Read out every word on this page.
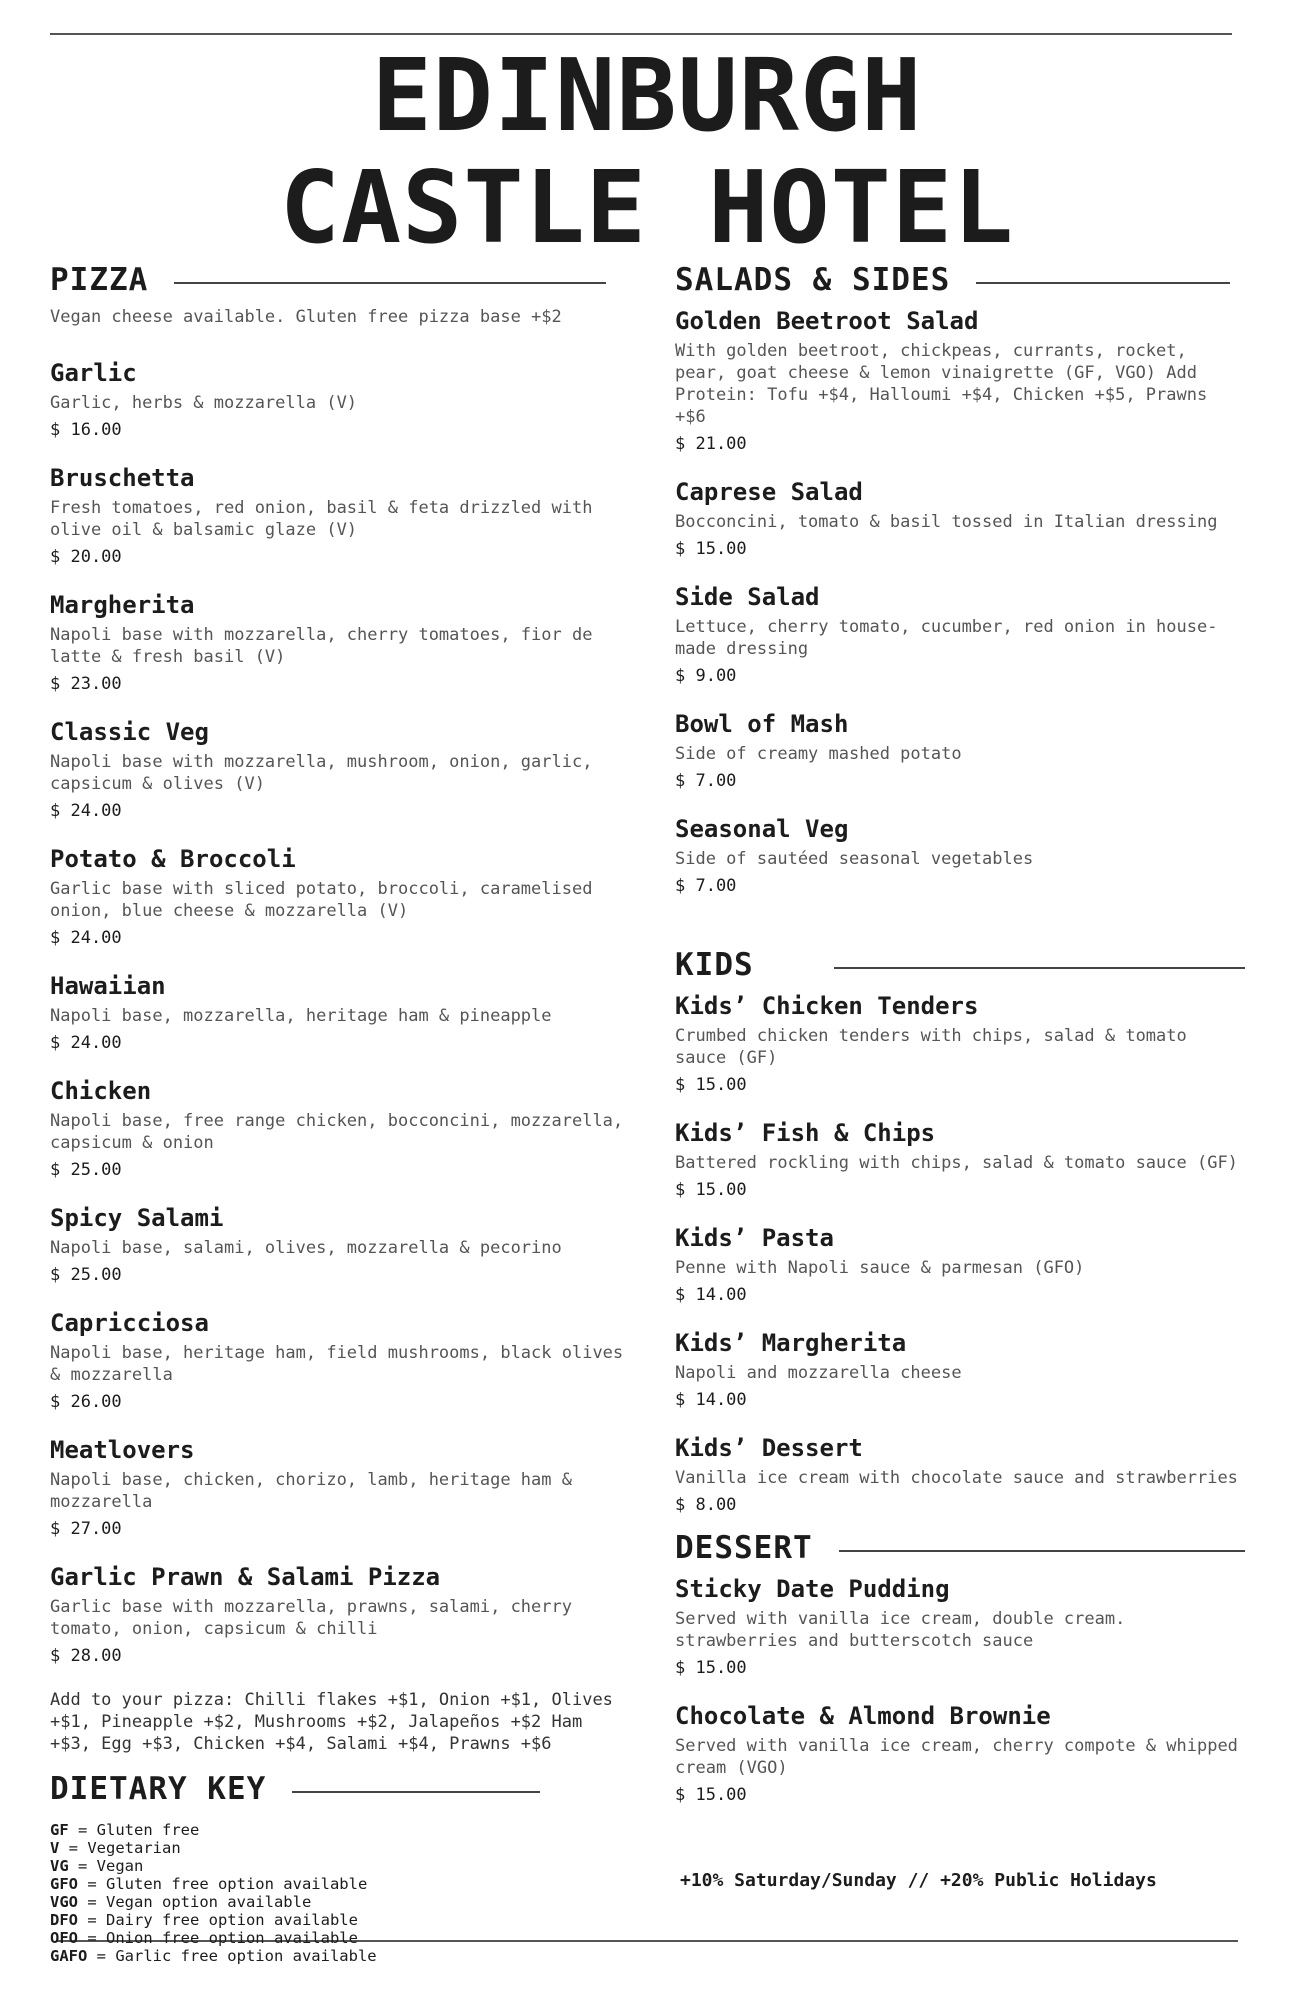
EDINBURGH
CASTLE HOTEL
PIZZA
Vegan cheese available. Gluten free pizza base +$2
Garlic
Garlic, herbs & mozzarella (V)
$ 16.00
Bruschetta
Fresh tomatoes, red onion, basil & feta drizzled with olive oil & balsamic glaze (V)
$ 20.00
Margherita
Napoli base with mozzarella, cherry tomatoes, fior de latte & fresh basil (V)
$ 23.00
Classic Veg
Napoli base with mozzarella, mushroom, onion, garlic, capsicum & olives (V)
$ 24.00
Potato & Broccoli
Garlic base with sliced potato, broccoli, caramelised onion, blue cheese & mozzarella (V)
$ 24.00
Hawaiian
Napoli base, mozzarella, heritage ham & pineapple
$ 24.00
Chicken
Napoli base, free range chicken, bocconcini, mozzarella, capsicum & onion
$ 25.00
Spicy Salami
Napoli base, salami, olives, mozzarella & pecorino
$ 25.00
Capricciosa
Napoli base, heritage ham, field mushrooms, black olives & mozzarella
$ 26.00
Meatlovers
Napoli base, chicken, chorizo, lamb, heritage ham & mozzarella
$ 27.00
Garlic Prawn & Salami Pizza
Garlic base with mozzarella, prawns, salami, cherry tomato, onion, capsicum & chilli
$ 28.00
Add to your pizza: Chilli flakes +$1, Onion +$1, Olives +$1, Pineapple +$2, Mushrooms +$2, Jalapeños +$2 Ham +$3, Egg +$3, Chicken +$4, Salami +$4, Prawns +$6
DIETARY KEY
GF = Gluten free
V = Vegetarian
VG = Vegan
GFO = Gluten free option available
VGO = Vegan option available
DFO = Dairy free option available
OFO = Onion free option available
GAFO = Garlic free option available
SALADS & SIDES
Golden Beetroot Salad
With golden beetroot, chickpeas, currants, rocket, pear, goat cheese & lemon vinaigrette (GF, VGO) Add Protein: Tofu +$4, Halloumi +$4, Chicken +$5, Prawns +$6
$ 21.00
Caprese Salad
Bocconcini, tomato & basil tossed in Italian dressing
$ 15.00
Side Salad
Lettuce, cherry tomato, cucumber, red onion in house-made dressing
$ 9.00
Bowl of Mash
Side of creamy mashed potato
$ 7.00
Seasonal Veg
Side of sautéed seasonal vegetables
$ 7.00
KIDS
Kids’ Chicken Tenders
Crumbed chicken tenders with chips, salad & tomato sauce (GF)
$ 15.00
Kids’ Fish & Chips
Battered rockling with chips, salad & tomato sauce (GF)
$ 15.00
Kids’ Pasta
Penne with Napoli sauce & parmesan (GFO)
$ 14.00
Kids’ Margherita
Napoli and mozzarella cheese
$ 14.00
Kids’ Dessert
Vanilla ice cream with chocolate sauce and strawberries
$ 8.00
DESSERT
Sticky Date Pudding
Served with vanilla ice cream, double cream. strawberries and butterscotch sauce
$ 15.00
Chocolate & Almond Brownie
Served with vanilla ice cream, cherry compote & whipped cream (VGO)
$ 15.00
+10% Saturday/Sunday // +20% Public Holidays
